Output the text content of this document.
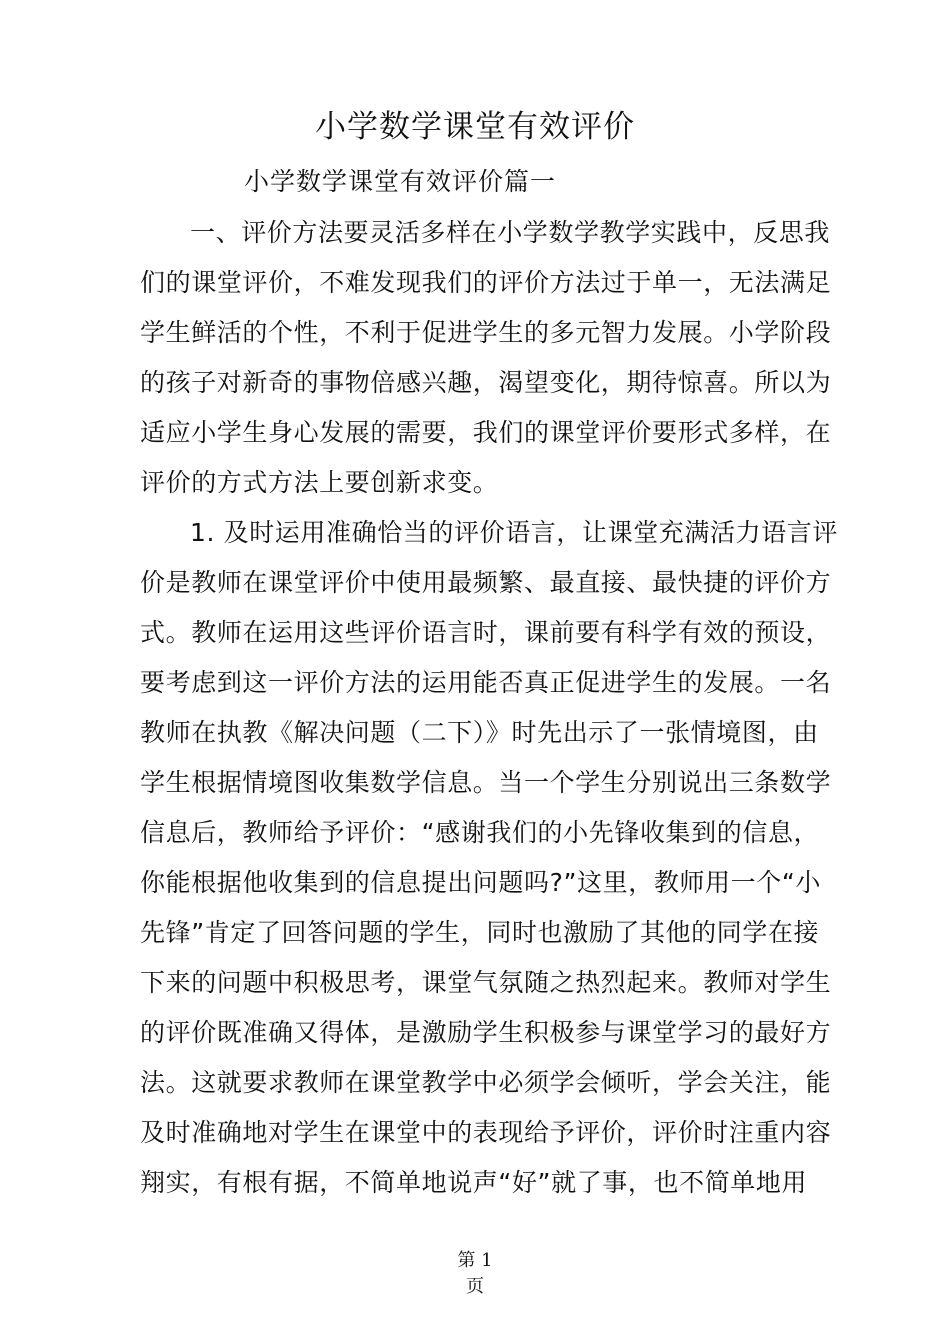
小学数学课堂有效评价
小学数学课堂有效评价篇一
一、评价方法要灵活多样在小学数学教学实践中，反思我
们的课堂评价，不难发现我们的评价方法过于单一，无法满足
学生鲜活的个性，不利于促进学生的多元智力发展。小学阶段
的孩子对新奇的事物倍感兴趣，渴望变化，期待惊喜。所以为
适应小学生身心发展的需要，我们的课堂评价要形式多样，在
评价的方式方法上要创新求变。
1. 及时运用准确恰当的评价语言，让课堂充满活力语言评
价是教师在课堂评价中使用最频繁、最直接、最快捷的评价方
式。教师在运用这些评价语言时，课前要有科学有效的预设，
要考虑到这一评价方法的运用能否真正促进学生的发展。一名
教师在执教《解决问题（二下）》时先出示了一张情境图，由
学生根据情境图收集数学信息。当一个学生分别说出三条数学
信息后，教师给予评价：“感谢我们的小先锋收集到的信息，
你能根据他收集到的信息提出问题吗?”这里，教师用一个“小
先锋”肯定了回答问题的学生，同时也激励了其他的同学在接
下来的问题中积极思考，课堂气氛随之热烈起来。教师对学生
的评价既准确又得体，是激励学生积极参与课堂学习的最好方
法。这就要求教师在课堂教学中必须学会倾听，学会关注，能
及时准确地对学生在课堂中的表现给予评价，评价时注重内容
翔实，有根有据，不简单地说声“好”就了事，也不简单地用
第 1
页
